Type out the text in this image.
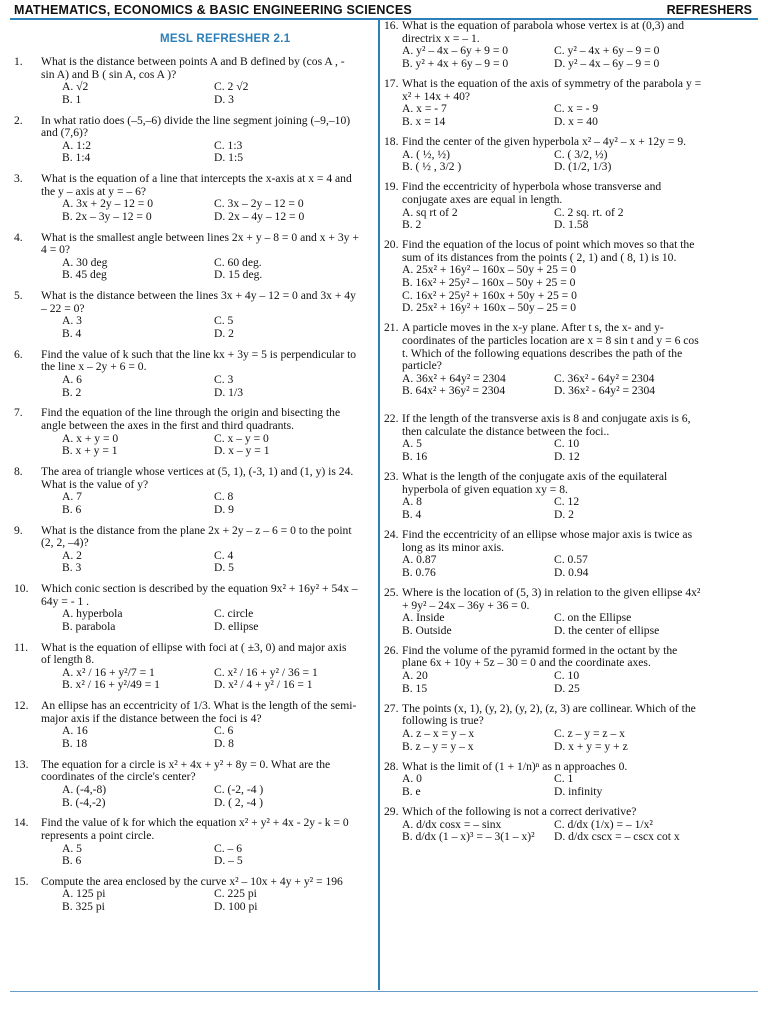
MATHEMATICS, ECONOMICS & BASIC ENGINEERING SCIENCES	REFRESHERS
MESL REFRESHER 2.1
1.	What is the distance between points A and B defined by (cos A , - sin A) and B ( sin A, cos A )?
A. √2	C. 2 √2
B. 1	D. 3
2.	In what ratio does (–5,–6) divide the line segment joining (–9,–10) and (7,6)?
A. 1:2	C. 1:3
B. 1:4	D. 1:5
3.	What is the equation of a line that intercepts the x-axis at x = 4 and the y – axis at y = – 6?
A. 3x + 2y – 12 = 0	C. 3x – 2y – 12 = 0
B. 2x – 3y – 12 = 0	D. 2x – 4y – 12 = 0
4.	What is the smallest angle between lines 2x + y – 8 = 0 and x + 3y + 4 = 0?
A. 30 deg	C. 60 deg.
B. 45 deg	D. 15 deg.
5.	What is the distance between the lines 3x + 4y – 12 = 0 and 3x + 4y – 22 = 0?
A. 3	C. 5
B. 4	D. 2
6.	Find the value of k such that the line kx + 3y = 5 is perpendicular to the line x – 2y + 6 = 0.
A. 6	C. 3
B. 2	D. 1/3
7.	Find the equation of the line through the origin and bisecting the angle between the axes in the first and third quadrants.
A. x + y = 0	C. x – y = 0
B. x + y = 1	D. x – y = 1
8.	The area of triangle whose vertices at (5, 1), (-3, 1) and (1, y) is 24. What is the value of y?
A. 7	C. 8
B. 6	D. 9
9.	What is the distance from the plane 2x + 2y – z – 6 = 0 to the point (2, 2, –4)?
A. 2	C. 4
B. 3	D. 5
10.	Which conic section is described by the equation 9x² + 16y² + 54x – 64y = - 1 .
A. hyperbola	C. circle
B. parabola	D. ellipse
11.	What is the equation of ellipse with foci at ( ±3, 0) and major axis of length 8.
A. x² / 16 + y²/7 = 1	C. x² / 16 + y² / 36 = 1
B. x² / 16 + y²/49 = 1	D. x² / 4 + y² / 16 = 1
12.	An ellipse has an eccentricity of 1/3. What is the length of the semi-major axis if the distance between the foci is 4?
A. 16	C. 6
B. 18	D. 8
13.	The equation for a circle is x² + 4x + y² + 8y = 0. What are the coordinates of the circle's center?
A. (-4,-8)	C. (-2, -4 )
B. (-4,-2)	D. ( 2, -4 )
14.	Find the value of k for which the equation x² + y² + 4x - 2y - k = 0 represents a point circle.
A. 5	C. – 6
B. 6	D. – 5
15.	Compute the area enclosed by the curve x² – 10x + 4y + y² = 196
A. 125 pi	C. 225 pi
B. 325 pi	D. 100 pi
16. What is the equation of parabola whose vertex is at (0,3) and directrix x = – 1.
A. y² – 4x – 6y + 9 = 0	C. y² – 4x + 6y – 9 = 0
B. y² + 4x + 6y – 9 = 0	D. y² – 4x – 6y – 9 = 0
17. What is the equation of the axis of symmetry of the parabola y = x² + 14x + 40?
A. x = - 7	C. x = - 9
B. x = 14	D. x = 40
18. Find the center of the given hyperbola x² – 4y² – x + 12y = 9.
A. ( ½, ½)	C. ( 3/2, ½)
B. ( ½ , 3/2 )	D. (1/2, 1/3)
19. Find the eccentricity of hyperbola whose transverse and conjugate axes are equal in length.
A. sq rt of 2	C. 2 sq. rt. of 2
B. 2	D. 1.58
20. Find the equation of the locus of point which moves so that the sum of its distances from the points ( 2, 1) and ( 8, 1) is 10.
A. 25x² + 16y² – 160x – 50y + 25 = 0
B. 16x² + 25y² – 160x – 50y + 25 = 0
C. 16x² + 25y² + 160x + 50y + 25 = 0
D. 25x² + 16y² + 160x – 50y – 25 = 0
21. A particle moves in the x-y plane. After t s, the x- and y-coordinates of the particles location are x = 8 sin t and y = 6 cos t. Which of the following equations describes the path of the particle?
A. 36x² + 64y² = 2304	C. 36x² - 64y² = 2304
B. 64x² + 36y² = 2304	D. 36x² - 64y² = 2304
22. If the length of the transverse axis is 8 and conjugate axis is 6, then calculate the distance between the foci..
A. 5	C. 10
B. 16	D. 12
23. What is the length of the conjugate axis of the equilateral hyperbola of given equation xy = 8.
A. 8	C. 12
B. 4	D. 2
24. Find the eccentricity of an ellipse whose major axis is twice as long as its minor axis.
A. 0.87	C. 0.57
B. 0.76	D. 0.94
25. Where is the location of (5, 3) in relation to the given ellipse 4x² + 9y² – 24x – 36y + 36 = 0.
A. Inside	C. on the Ellipse
B. Outside	D. the center of ellipse
26. Find the volume of the pyramid formed in the octant by the plane 6x + 10y + 5z – 30 = 0 and the coordinate axes.
A. 20	C. 10
B. 15	D. 25
27. The points (x, 1), (y, 2), (y, 2), (z, 3) are collinear. Which of the following is true?
A. z – x = y – x	C. z – y = z – x
B. z – y = y – x	D. x + y = y + z
28. What is the limit of (1 + 1/n)ⁿ as n approaches 0.
A. 0	C. 1
B. e	D. infinity
29. Which of the following is not a correct derivative?
A. d/dx cosx = – sinx	C. d/dx (1/x) = – 1/x²
B. d/dx (1 – x)³ = – 3(1 – x)²	D. d/dx cscx = – cscx cot x
